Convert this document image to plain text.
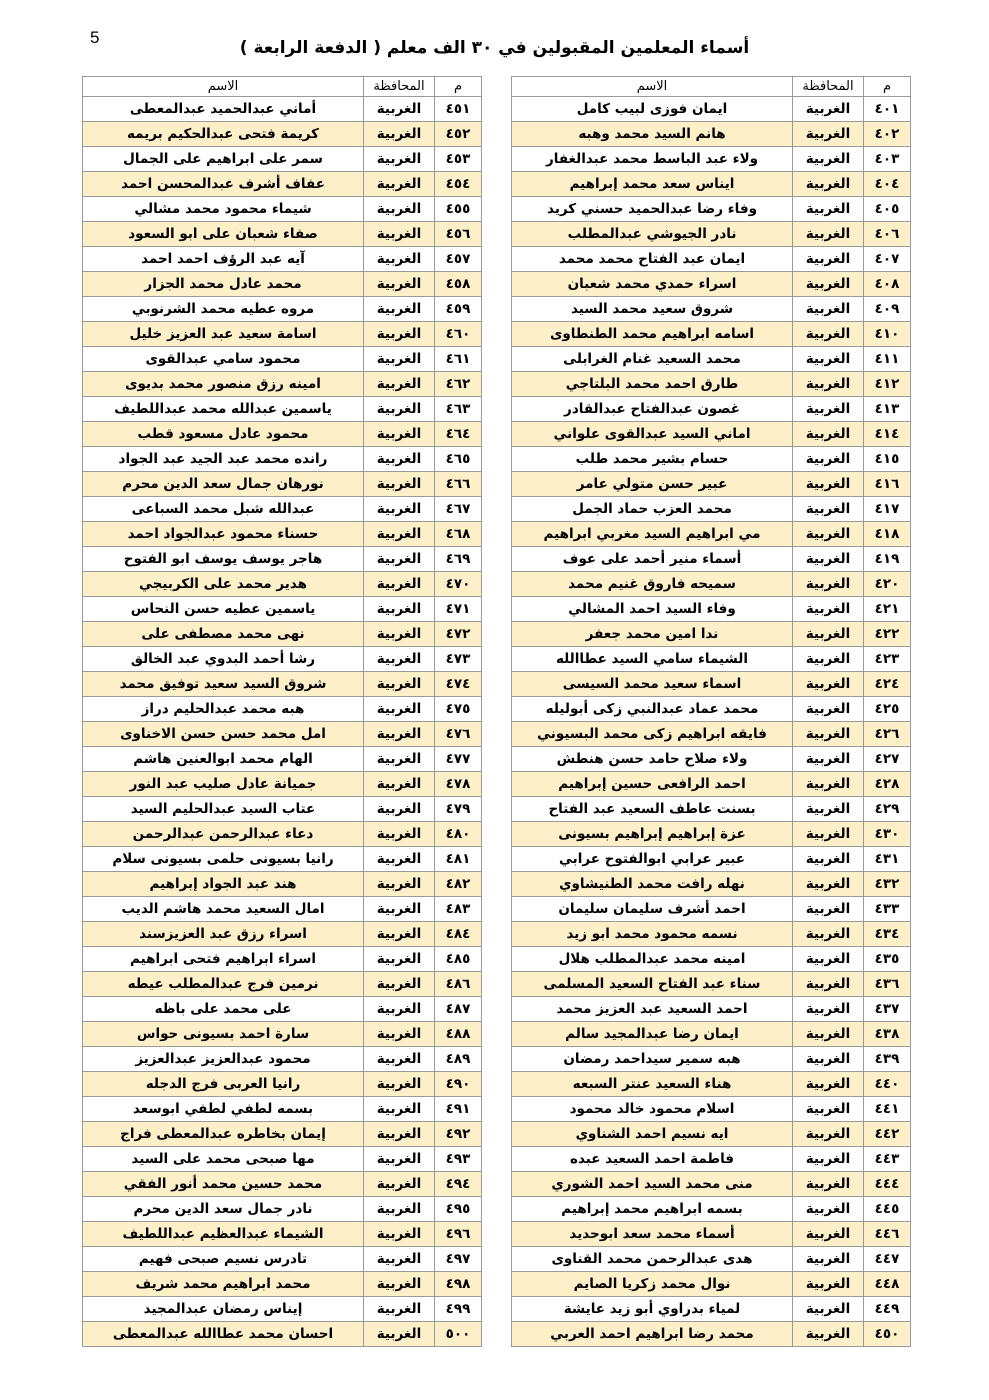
5
أسماء المعلمين المقبولين في ٣٠ الف معلم ( الدفعة الرابعة )
م	المحافظة	الاسم
٤٠١	الغربية	ايمان فوزى لبيب كامل
٤٠٢	الغربية	هانم السيد محمد وهبه
٤٠٣	الغربية	ولاء عبد الباسط محمد عبدالغفار
٤٠٤	الغربية	ايناس سعد محمد إبراهيم
٤٠٥	الغربية	وفاء رضا عبدالحميد حسني كريد
٤٠٦	الغربية	نادر الجيوشي عبدالمطلب
٤٠٧	الغربية	ايمان عبد الفتاح محمد محمد
٤٠٨	الغربية	اسراء حمدي محمد شعبان
٤٠٩	الغربية	شروق سعيد محمد السيد
٤١٠	الغربية	اسامه ابراهيم محمد الطنطاوى
٤١١	الغربية	محمد السعيد غنام الغرابلى
٤١٢	الغربية	طارق احمد محمد البلتاجي
٤١٣	الغربية	غصون عبدالفتاح عبدالقادر
٤١٤	الغربية	اماني السيد عبدالقوى علواني
٤١٥	الغربية	حسام بشير محمد طلب
٤١٦	الغربية	عبير حسن متولي عامر
٤١٧	الغربية	محمد العزب حماد الجمل
٤١٨	الغربية	مي ابراهيم السيد مغربي ابراهيم
٤١٩	الغربية	أسماء منير أحمد على عوف
٤٢٠	الغربية	سميحه فاروق غنيم محمد
٤٢١	الغربية	وفاء السيد احمد المشالي
٤٢٢	الغربية	ندا امين محمد جعفر
٤٢٣	الغربية	الشيماء سامي السيد عطاالله
٤٢٤	الغربية	اسماء سعيد محمد السيسى
٤٢٥	الغربية	محمد عماد عبدالنبي زكى أبوليله
٤٢٦	الغربية	فايقه ابراهيم زكى محمد البسيوني
٤٢٧	الغربية	ولاء صلاح حامد حسن هنطش
٤٢٨	الغربية	احمد الرافعى حسين إبراهيم
٤٢٩	الغربية	بسنت عاطف السعيد عبد الفتاح
٤٣٠	الغربية	عزة إبراهيم إبراهيم بسيونى
٤٣١	الغربية	عبير عرابي ابوالفتوح عرابي
٤٣٢	الغربية	نهله رافت محمد الطنيشاوي
٤٣٣	الغربية	احمد أشرف سليمان سليمان
٤٣٤	الغربية	نسمه محمود محمد ابو زيد
٤٣٥	الغربية	امينه محمد عبدالمطلب هلال
٤٣٦	الغربية	سناء عبد الفتاح السعيد المسلمى
٤٣٧	الغربية	احمد السعيد عبد العزيز محمد
٤٣٨	الغربية	ايمان رضا عبدالمجيد سالم
٤٣٩	الغربية	هبه سمير سيداحمد رمضان
٤٤٠	الغربية	هناء السعيد عنتر السبعه
٤٤١	الغربية	اسلام محمود خالد محمود
٤٤٢	الغربية	ايه نسيم احمد الشناوي
٤٤٣	الغربية	فاطمة احمد السعيد عبده
٤٤٤	الغربية	منى محمد السيد احمد الشوري
٤٤٥	الغربية	بسمه ابراهيم محمد إبراهيم
٤٤٦	الغربية	أسماء محمد سعد ابوحديد
٤٤٧	الغربية	هدى عبدالرحمن محمد القناوى
٤٤٨	الغربية	نوال محمد زكريا الصايم
٤٤٩	الغربية	لمياء بدراوي أبو زيد عايشة
٤٥٠	الغربية	محمد رضا ابراهيم احمد العربي
م	المحافظة	الاسم
٤٥١	الغربية	أماني عبدالحميد عبدالمعطى
٤٥٢	الغربية	كريمة فتحى عبدالحكيم بريمه
٤٥٣	الغربية	سمر على ابراهيم على الجمال
٤٥٤	الغربية	عفاف أشرف عبدالمحسن احمد
٤٥٥	الغربية	شيماء محمود محمد مشالي
٤٥٦	الغربية	صفاء شعبان على ابو السعود
٤٥٧	الغربية	آيه عبد الرؤف احمد احمد
٤٥٨	الغربية	محمد عادل محمد الجزار
٤٥٩	الغربية	مروه عطيه محمد الشرنوبي
٤٦٠	الغربية	اسامة سعيد عبد العزيز خليل
٤٦١	الغربية	محمود سامي عبدالقوى
٤٦٢	الغربية	امينه رزق منصور محمد بديوى
٤٦٣	الغربية	ياسمين عبدالله محمد عبداللطيف
٤٦٤	الغربية	محمود عادل مسعود قطب
٤٦٥	الغربية	رانده محمد عبد الجيد عبد الجواد
٤٦٦	الغربية	نورهان جمال سعد الدين محرم
٤٦٧	الغربية	عبدالله شبل محمد السباعى
٤٦٨	الغربية	حسناء محمود عبدالجواد احمد
٤٦٩	الغربية	هاجر يوسف يوسف ابو الفتوح
٤٧٠	الغربية	هدير محمد على الكربيجي
٤٧١	الغربية	ياسمين عطيه حسن النحاس
٤٧٢	الغربية	نهى محمد مصطفى على
٤٧٣	الغربية	رشا أحمد البدوي عبد الخالق
٤٧٤	الغربية	شروق السيد سعيد توفيق محمد
٤٧٥	الغربية	هبه محمد عبدالحليم دراز
٤٧٦	الغربية	امل محمد حسن حسن الاخناوى
٤٧٧	الغربية	الهام محمد ابوالعنين هاشم
٤٧٨	الغربية	جميانة عادل صليب عبد النور
٤٧٩	الغربية	عتاب السيد عبدالحليم السيد
٤٨٠	الغربية	دعاء عبدالرحمن عبدالرحمن
٤٨١	الغربية	رانيا بسيونى حلمى بسيونى سلام
٤٨٢	الغربية	هند عبد الجواد إبراهيم
٤٨٣	الغربية	امال السعيد محمد هاشم الديب
٤٨٤	الغربية	اسراء رزق عبد العزيزسند
٤٨٥	الغربية	اسراء ابراهيم فتحى ابراهيم
٤٨٦	الغربية	نرمين فرج عبدالمطلب عيطه
٤٨٧	الغربية	على محمد على باظه
٤٨٨	الغربية	سارة احمد بسيونى حواس
٤٨٩	الغربية	محمود عبدالعزيز عبدالعزيز
٤٩٠	الغربية	رانيا العربى فرج الدجله
٤٩١	الغربية	بسمه لطفي لطفي ابوسعد
٤٩٢	الغربية	إيمان بخاطره عبدالمعطى فراج
٤٩٣	الغربية	مها صبحى محمد على السيد
٤٩٤	الغربية	محمد حسين محمد أنور الفقي
٤٩٥	الغربية	نادر جمال سعد الدين محرم
٤٩٦	الغربية	الشيماء عبدالعظيم عبداللطيف
٤٩٧	الغربية	تادرس نسيم صبحى فهيم
٤٩٨	الغربية	محمد ابراهيم محمد شريف
٤٩٩	الغربية	إيناس رمضان عبدالمجيد
٥٠٠	الغربية	احسان محمد عطاالله عبدالمعطى
